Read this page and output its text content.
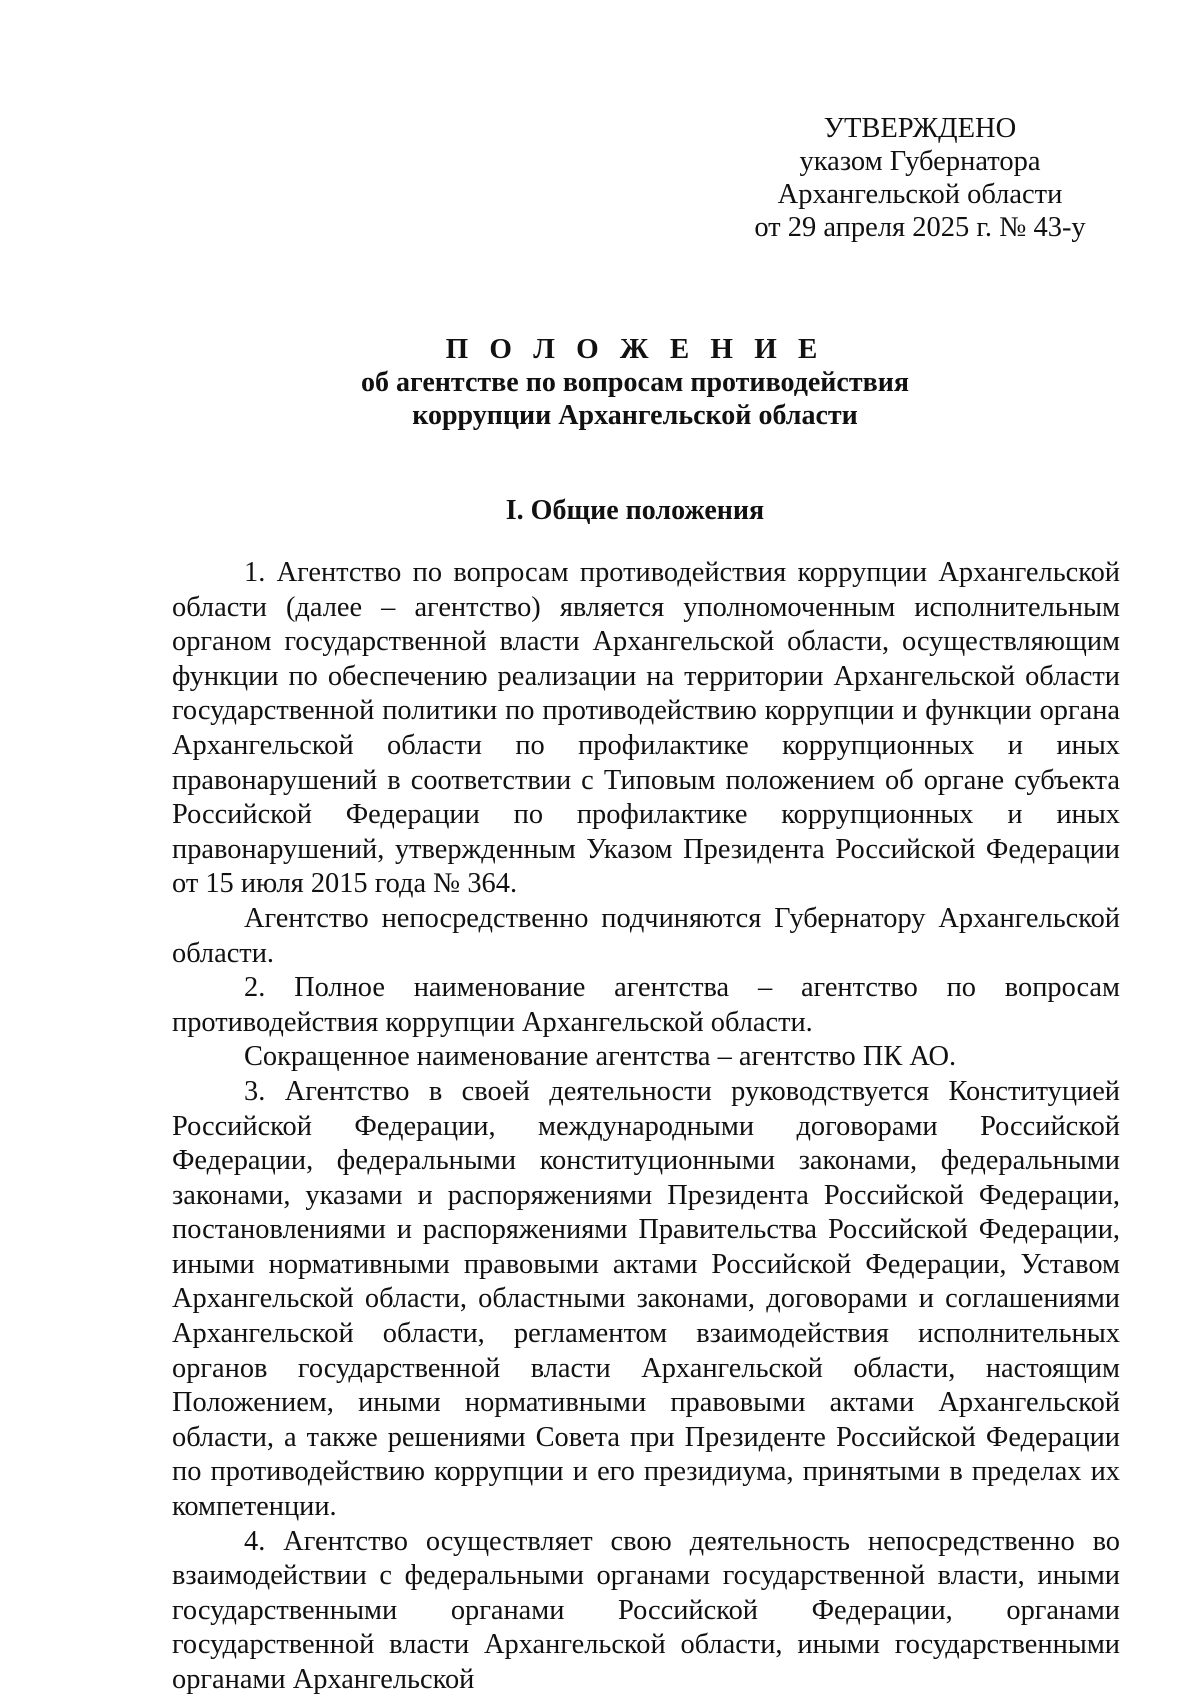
УТВЕРЖДЕНО
указом Губернатора
Архангельской области
от 29 апреля 2025 г. № 43-у
П О Л О Ж Е Н И Е
об агентстве по вопросам противодействия
коррупции Архангельской области
I. Общие положения

1. Агентство по вопросам противодействия коррупции Архангельской области (далее – агентство) является уполномоченным исполнительным органом государственной власти Архангельской области, осуществляющим функции по обеспечению реализации на территории Архангельской области государственной политики по противодействию коррупции и функции органа Архангельской области по профилактике коррупционных и иных правонарушений в соответствии с Типовым положением об органе субъекта Российской Федерации по профилактике коррупционных и иных правонарушений, утвержденным Указом Президента Российской Федерации от 15 июля 2015 года № 364.

Агентство непосредственно подчиняются Губернатору Архангельской области.

2. Полное наименование агентства – агентство по вопросам противодействия коррупции Архангельской области.

Сокращенное наименование агентства – агентство ПК АО.

3. Агентство в своей деятельности руководствуется Конституцией Российской Федерации, международными договорами Российской Федерации, федеральными конституционными законами, федеральными законами, указами и распоряжениями Президента Российской Федерации, постановлениями и распоряжениями Правительства Российской Федерации, иными нормативными правовыми актами Российской Федерации, Уставом Архангельской области, областными законами, договорами и соглашениями Архангельской области, регламентом взаимодействия исполнительных органов государственной власти Архангельской области, настоящим Положением, иными нормативными правовыми актами Архангельской области, а также решениями Совета при Президенте Российской Федерации по противодействию коррупции и его президиума, принятыми в пределах их компетенции.

4. Агентство осуществляет свою деятельность непосредственно во взаимодействии с федеральными органами государственной власти, иными государственными органами Российской Федерации, органами государственной власти Архангельской области, иными государственными органами Архангельской
